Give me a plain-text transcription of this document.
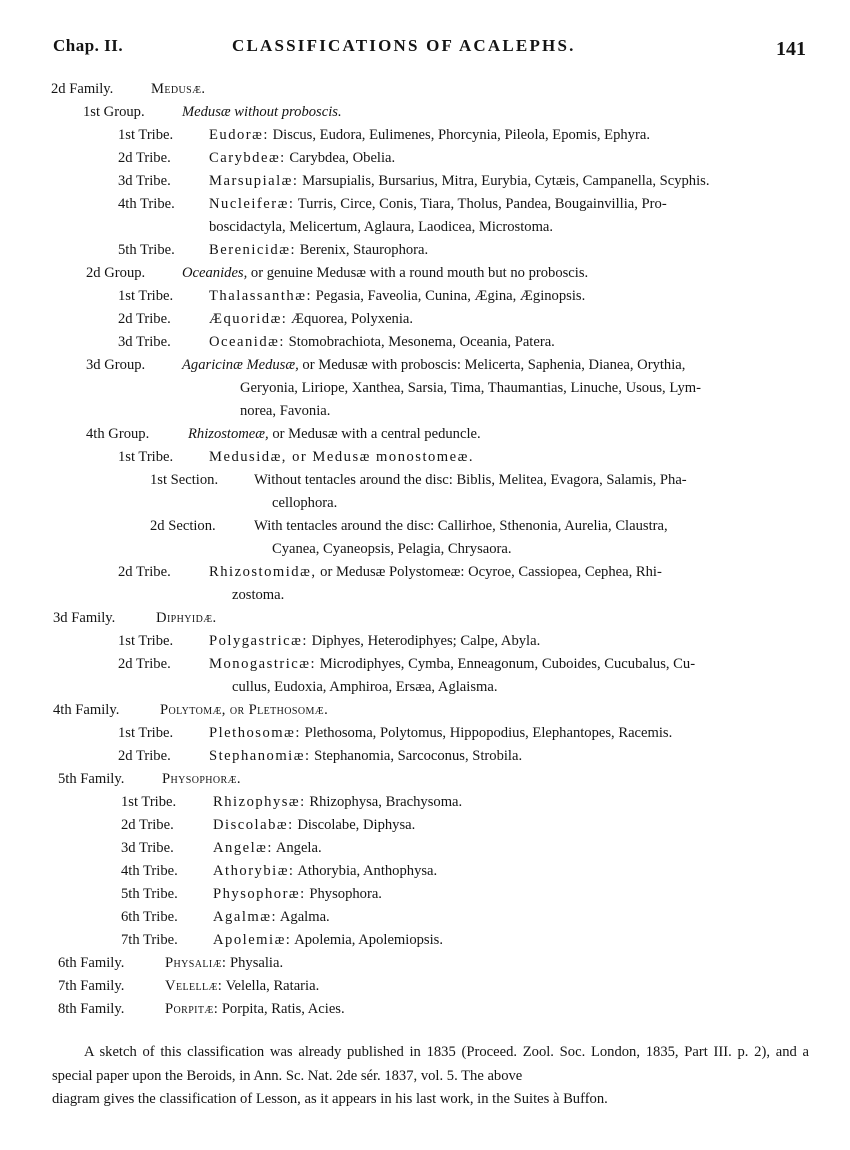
Chap. II.	CLASSIFICATIONS OF ACALEPHS.	141
2d Family.	Medusæ.
1st Group.	Medusæ without proboscis.
1st Tribe. Eudoræ: Discus, Eudora, Eulimenes, Phorcynia, Pileola, Epomis, Ephyra.
2d Tribe.	Carybdeæ: Carybdea, Obelia.
3d Tribe.	Marsupialæ: Marsupialis, Bursarius, Mitra, Eurybia, Cytæis, Campanella, Scyphis.
4th Tribe. Nucleiferæ: Turris, Circe, Conis, Tiara, Tholus, Pandea, Bougainvillia, Pro-
boscidactyla, Melicertum, Aglaura, Laodicea, Microstoma.
5th Tribe. Berenicidæ: Berenix, Staurophora.
2d Group.	Oceanides, or genuine Medusæ with a round mouth but no proboscis.
1st Tribe. Thalassanthæ: Pegasia, Faveolia, Cunina, Ægina, Æginopsis.
2d Tribe.	Æquoridæ: Æquorea, Polyxenia.
3d Tribe.	Oceanidæ: Stomobrachiota, Mesonema, Oceania, Patera.
3d Group.	Agaricinæ Medusæ, or Medusæ with proboscis: Melicerta, Saphenia, Dianea, Orythia,
Geryonia, Liriope, Xanthea, Sarsia, Tima, Thaumantias, Linuche, Usous, Lym-
norea, Favonia.
4th Group.	Rhizostomeæ, or Medusæ with a central peduncle.
1st Tribe. Medusidæ, or Medusæ monostomeæ.
1st Section. Without tentacles around the disc: Biblis, Melitea, Evagora, Salamis, Pha-
cellophora.
2d Section.	With tentacles around the disc: Callirhoe, Sthenonia, Aurelia, Claustra,
Cyanea, Cyaneopsis, Pelagia, Chrysaora.
2d Tribe.	Rhizostomidæ, or Medusæ Polystomeæ: Ocyroe, Cassiopea, Cephea, Rhi-
zostoma.
3d Family.	Diphyidæ.
1st Tribe. Polygastricæ: Diphyes, Heterodiphyes; Calpe, Abyla.
2d Tribe.	Monogastricæ: Microdiphyes, Cymba, Enneagonum, Cuboides, Cucubalus, Cu-
cullus, Eudoxia, Amphiroa, Ersæa, Aglaisma.
4th Family.	Polytomæ, or Plethosomæ.
1st Tribe. Plethosomæ: Plethosoma, Polytomus, Hippopodius, Elephantopes, Racemis.
2d Tribe.	Stephanomiæ: Stephanomia, Sarcoconus, Strobila.
5th Family.	Physophoræ.
1st Tribe.	Rhizophysæ: Rhizophysa, Brachysoma.
2d Tribe.	Discolabæ: Discolabe, Diphysa.
3d Tribe.	Angelæ: Angela.
4th Tribe. Athorybiæ: Athorybia, Anthophysa.
5th Tribe. Physophoræ: Physophora.
6th Tribe. Agalmæ: Agalma.
7th Tribe. Apolemiæ: Apolemia, Apolemiopsis.
6th Family.	Physaliæ: Physalia.
7th Family.	Velellæ: Velella, Rataria.
8th Family.	Porpitæ: Porpita, Ratis, Acies.

A sketch of this classification was already published in 1835 (Proceed. Zool. Soc. London, 1835, Part III. p. 2), and a special paper upon the Beroids, in Ann. Sc. Nat. 2de sér. 1837, vol. 5. The above

diagram gives the classification of Lesson, as it appears in his last work, in the Suites à Buffon.
